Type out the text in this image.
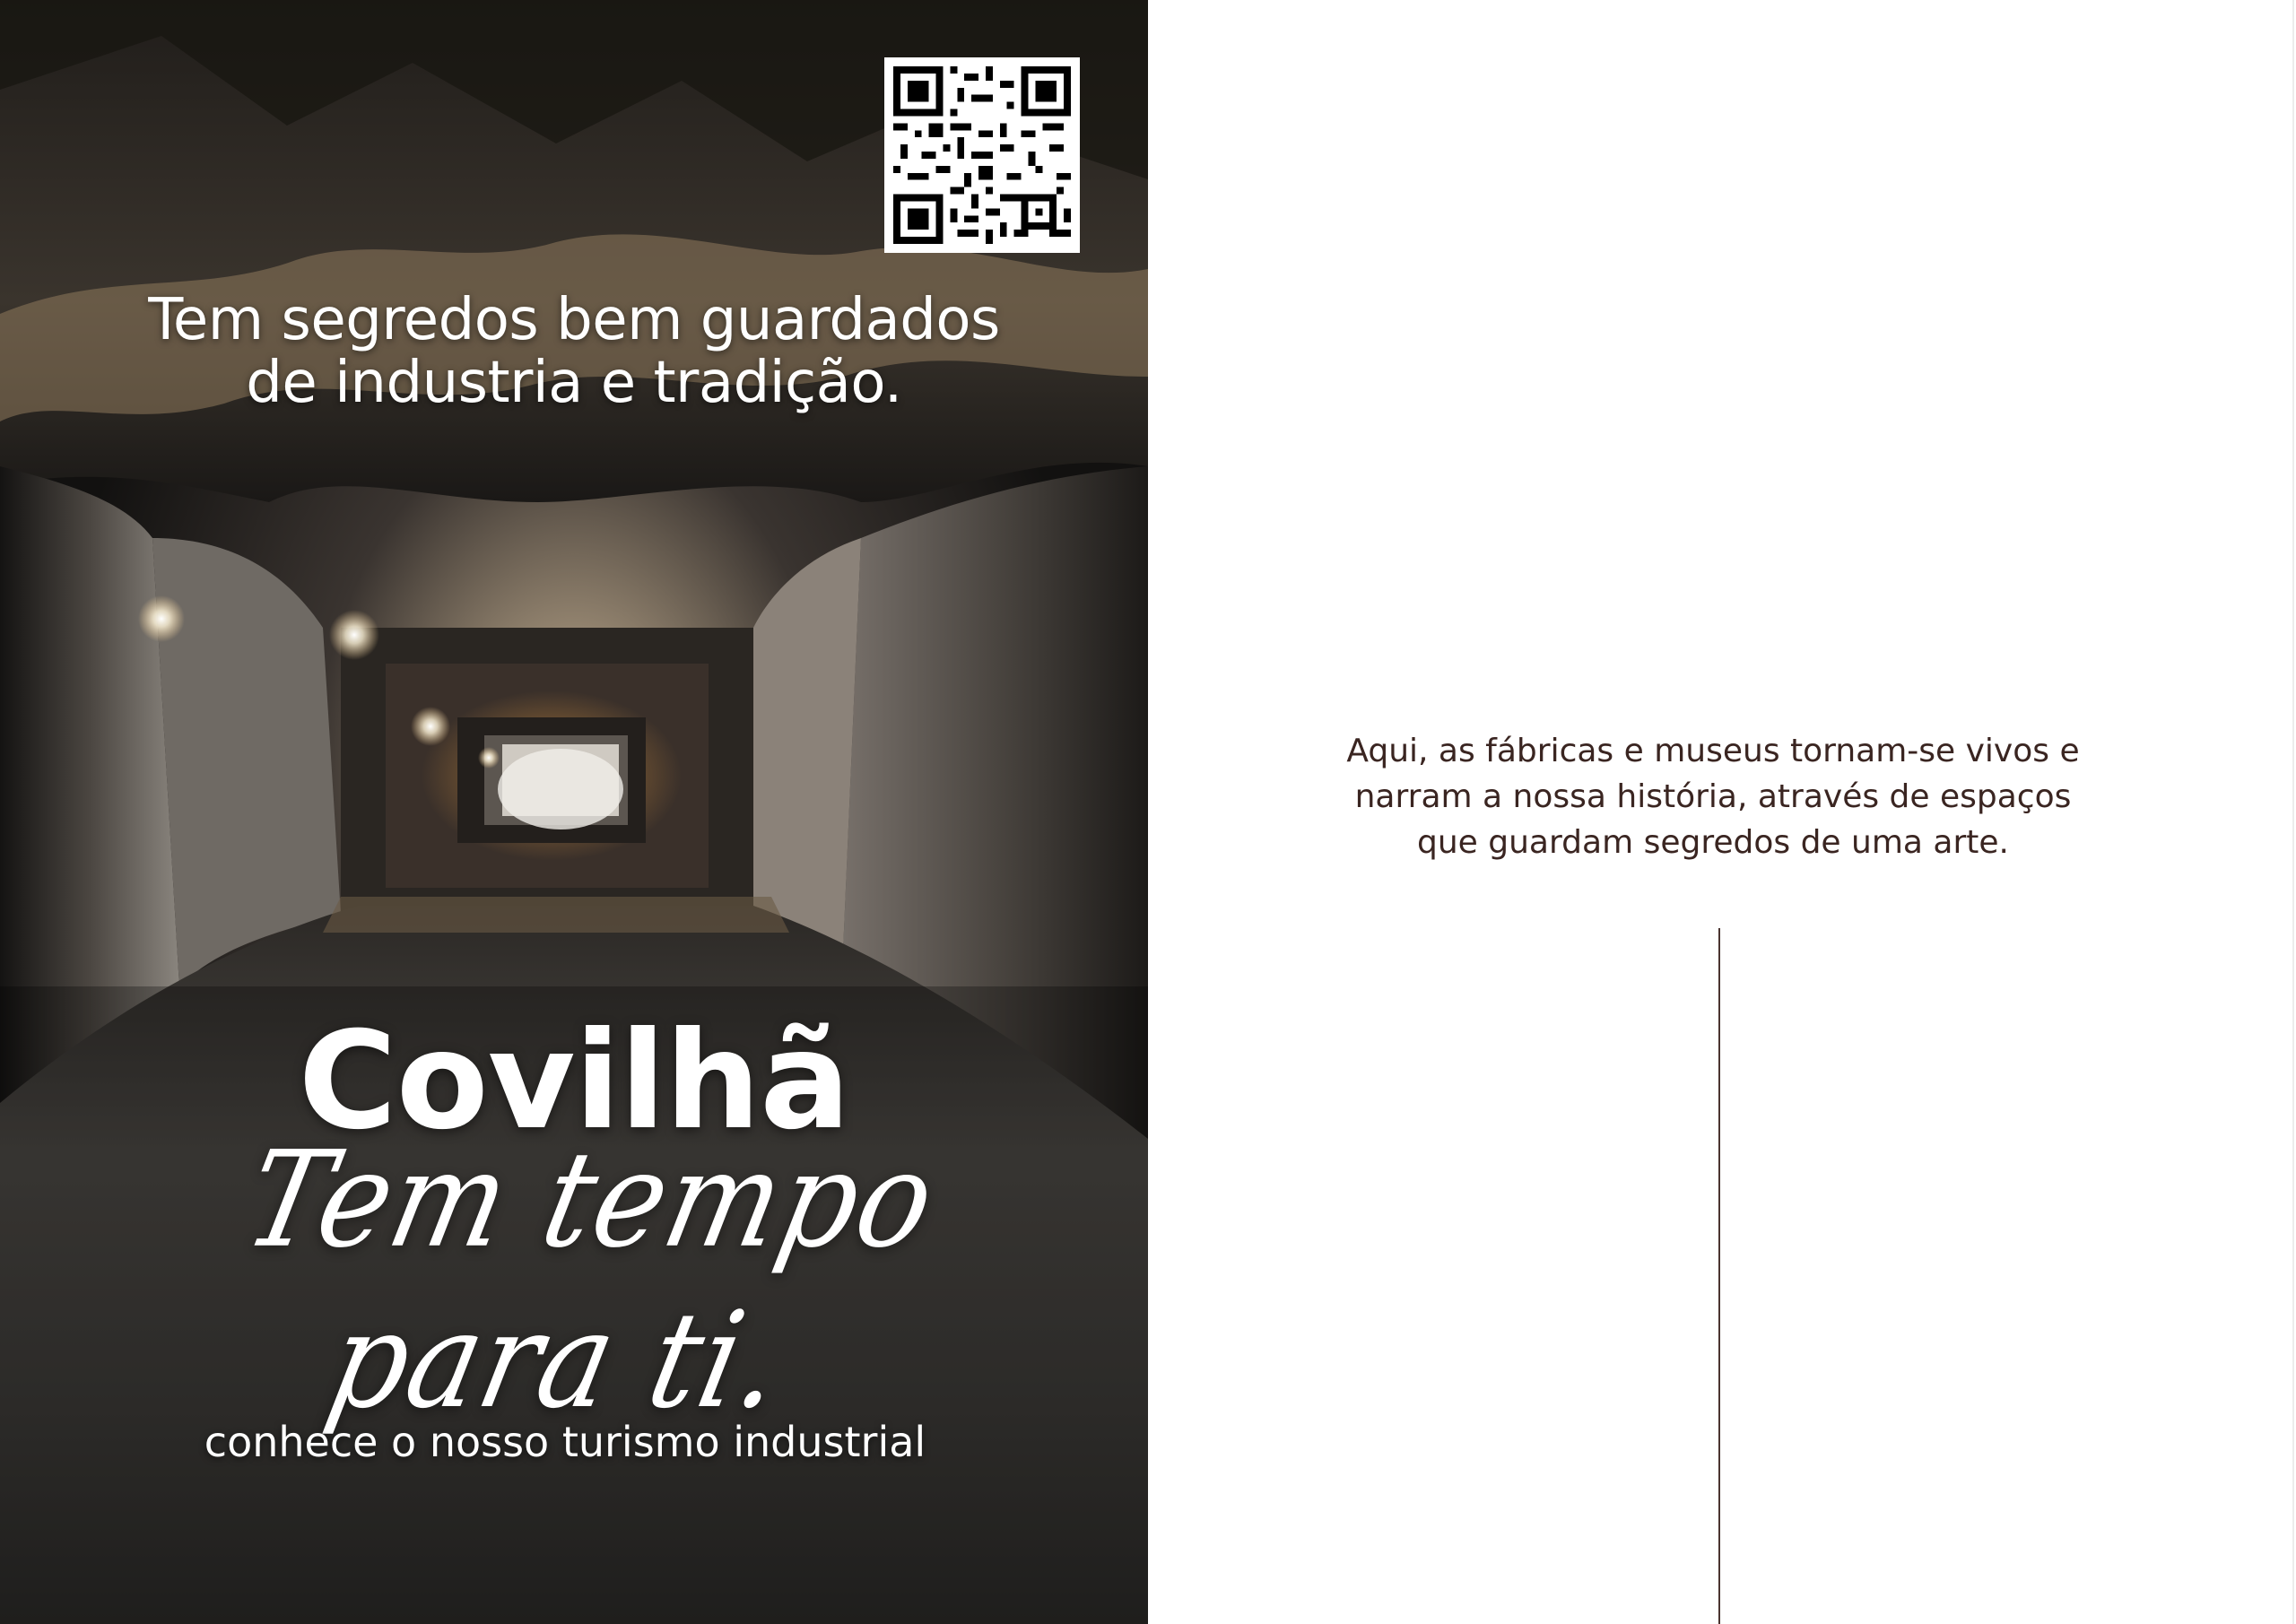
Tem segredos bem guardados
de industria e tradição.
Covilhã
Tem tempo para ti.
conhece o nosso turismo industrial
Aqui, as fábricas e museus tornam-se vivos e
narram a nossa história, através de espaços
que guardam segredos de uma arte.
